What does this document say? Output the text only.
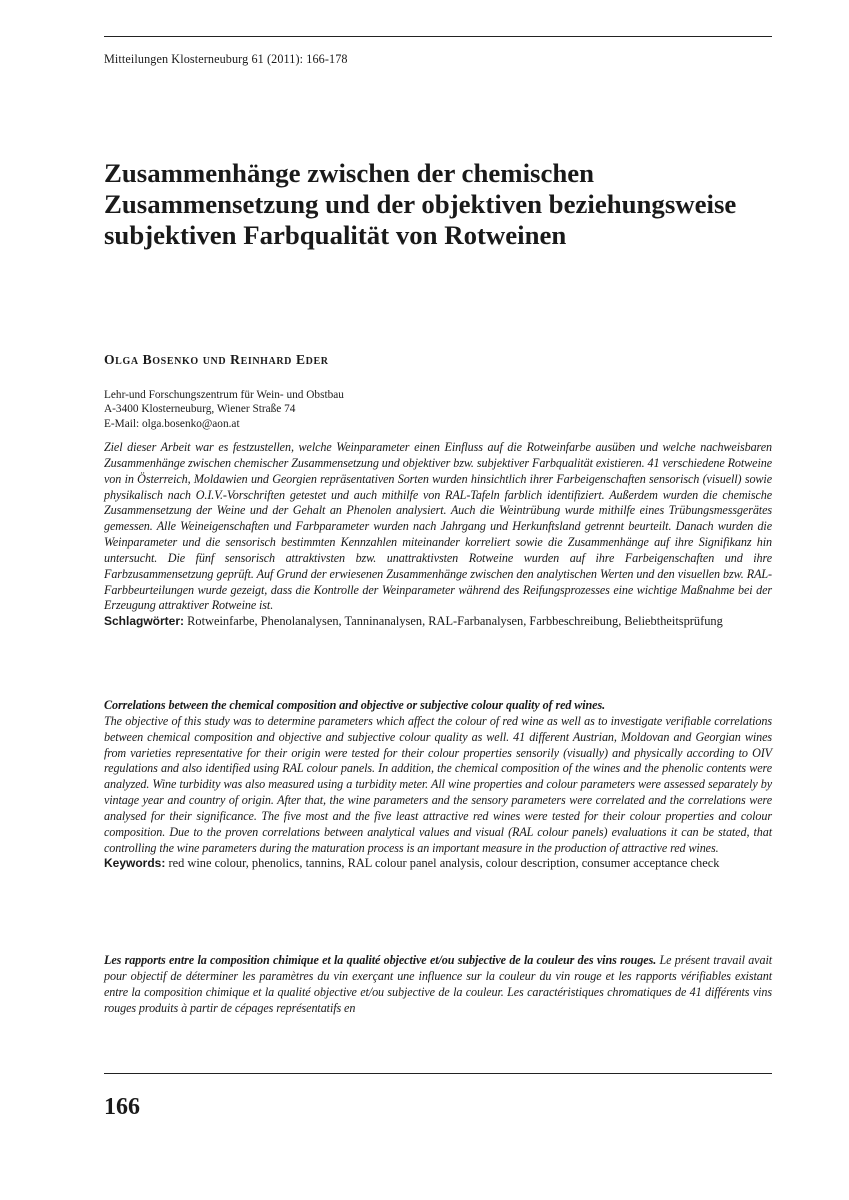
Mitteilungen Klosterneuburg 61 (2011): 166-178
Zusammenhänge zwischen der chemischen Zusammensetzung und der objektiven beziehungsweise subjektiven Farbqualität von Rotweinen
Olga Bosenko und Reinhard Eder
Lehr-und Forschungszentrum für Wein- und Obstbau
A-3400 Klosterneuburg, Wiener Straße 74
E-Mail: olga.bosenko@aon.at

Ziel dieser Arbeit war es festzustellen, welche Weinparameter einen Einfluss auf die Rotweinfarbe ausüben und welche nachweisbaren Zusammenhänge zwischen chemischer Zusammensetzung und objektiver bzw. subjektiver Farbqualität existieren. 41 verschiedene Rotweine von in Österreich, Moldawien und Georgien repräsentativen Sorten wurden hinsichtlich ihrer Farbeigenschaften sensorisch (visuell) sowie physikalisch nach O.I.V.-Vorschriften getestet und auch mithilfe von RAL-Tafeln farblich identifiziert. Außerdem wurden die chemische Zusammensetzung der Weine und der Gehalt an Phenolen analysiert. Auch die Weintrübung wurde mithilfe eines Trübungsmessgerätes gemessen. Alle Weineigenschaften und Farbparameter wurden nach Jahrgang und Herkunftsland getrennt beurteilt. Danach wurden die Weinparameter und die sensorisch bestimmten Kennzahlen miteinander korreliert sowie die Zusammenhänge auf ihre Signifikanz hin untersucht. Die fünf sensorisch attraktivsten bzw. unattraktivsten Rotweine wurden auf ihre Farbeigenschaften und ihre Farbzusammensetzung geprüft. Auf Grund der erwiesenen Zusammenhänge zwischen den analytischen Werten und den visuellen bzw. RAL-Farbbeurteilungen wurde gezeigt, dass die Kontrolle der Weinparameter während des Reifungsprozesses eine wichtige Maßnahme bei der Erzeugung attraktiver Rotweine ist.

Schlagwörter: Rotweinfarbe, Phenolanalysen, Tanninanalysen, RAL-Farbanalysen, Farbbeschreibung, Beliebtheitsprüfung

Correlations between the chemical composition and objective or subjective colour quality of red wines.
The objective of this study was to determine parameters which affect the colour of red wine as well as to investigate verifiable correlations between chemical composition and objective and subjective colour quality as well. 41 different Austrian, Moldovan and Georgian wines from varieties representative for their origin were tested for their colour properties sensorily (visually) and physically according to OIV regulations and also identified using RAL colour panels. In addition, the chemical composition of the wines and the phenolic contents were analyzed. Wine turbidity was also measured using a turbidity meter. All wine properties and colour parameters were assessed separately by vintage year and country of origin. After that, the wine parameters and the sensory parameters were correlated and the correlations were analysed for their significance. The five most and the five least attractive red wines were tested for their colour properties and colour composition. Due to the proven correlations between analytical values and visual (RAL colour panels) evaluations it can be stated, that controlling the wine parameters during the maturation process is an important measure in the production of attractive red wines.

Keywords: red wine colour, phenolics, tannins, RAL colour panel analysis, colour description, consumer acceptance check

Les rapports entre la composition chimique et la qualité objective et/ou subjective de la couleur des vins rouges. Le présent travail avait pour objectif de déterminer les paramètres du vin exerçant une influence sur la couleur du vin rouge et les rapports vérifiables existant entre la composition chimique et la qualité objective et/ou subjective de la couleur. Les caractéristiques chromatiques de 41 différents vins rouges produits à partir de cépages représentatifs en

166
